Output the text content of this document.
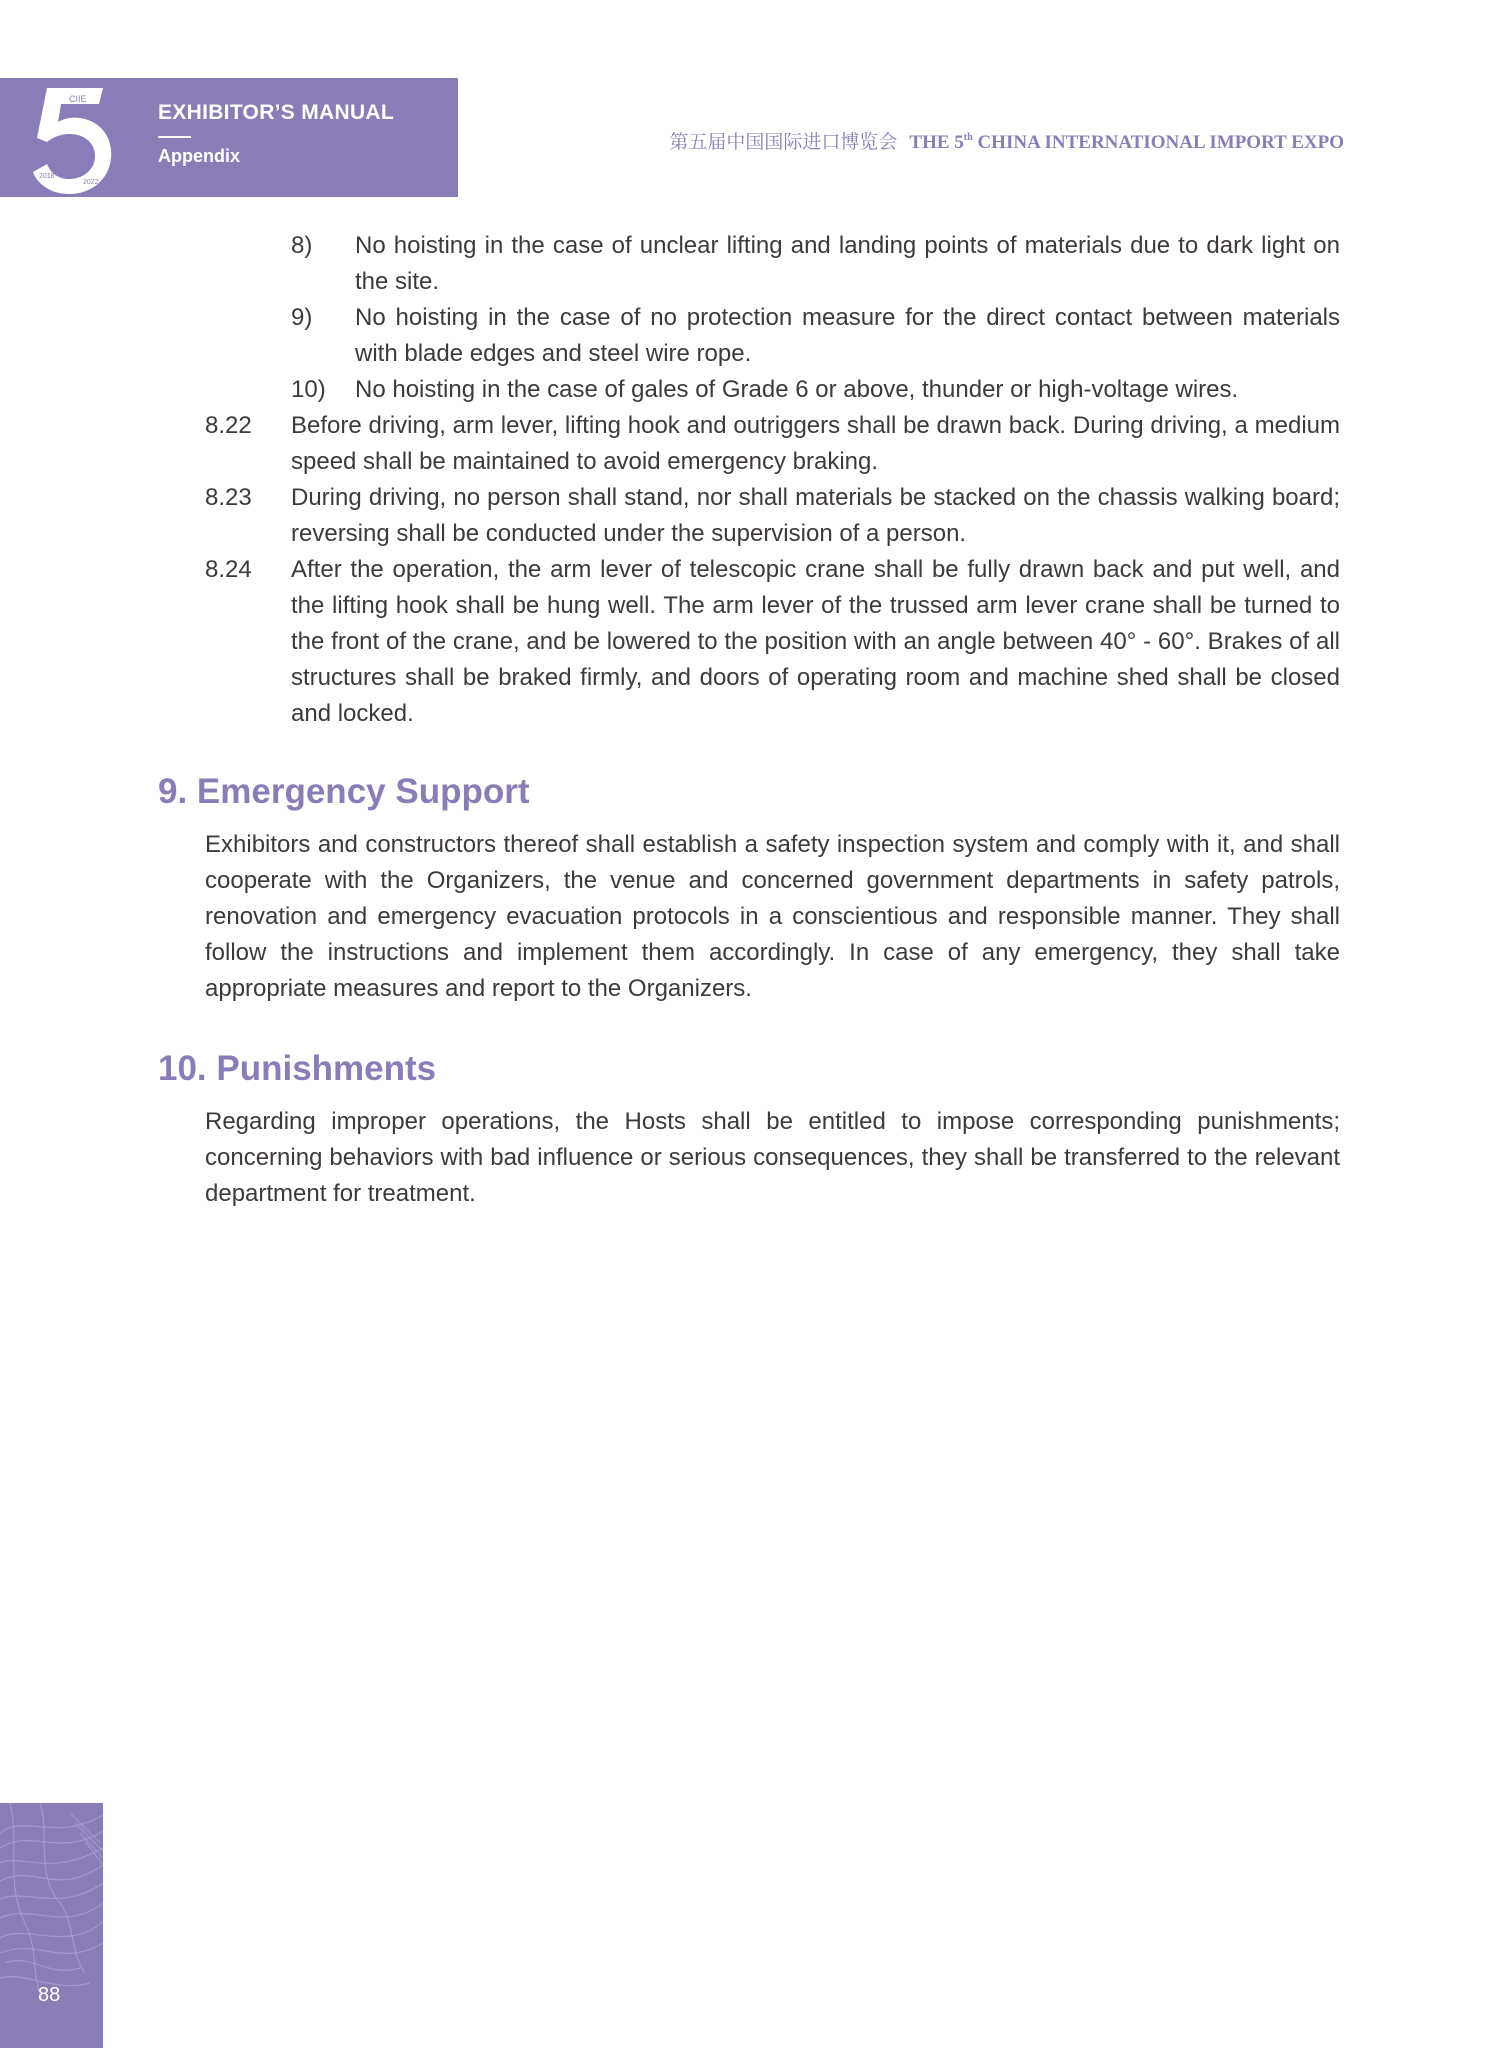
CIIE
2018
2022
EXHIBITOR’S MANUAL
Appendix
第五届中国国际进口博览会 THE 5th CHINA INTERNATIONAL IMPORT EXPO
8) No hoisting in the case of unclear lifting and landing points of materials due to dark light on the site.
9) No hoisting in the case of no protection measure for the direct contact between materials with blade edges and steel wire rope.
10) No hoisting in the case of gales of Grade 6 or above, thunder or high-voltage wires.
8.22 Before driving, arm lever, lifting hook and outriggers shall be drawn back. During driving, a medium speed shall be maintained to avoid emergency braking.
8.23 During driving, no person shall stand, nor shall materials be stacked on the chassis walking board; reversing shall be conducted under the supervision of a person.
8.24 After the operation, the arm lever of telescopic crane shall be fully drawn back and put well, and the lifting hook shall be hung well. The arm lever of the trussed arm lever crane shall be turned to the front of the crane, and be lowered to the position with an angle between 40° - 60°. Brakes of all structures shall be braked firmly, and doors of operating room and machine shed shall be closed and locked.
9. Emergency Support

Exhibitors and constructors thereof shall establish a safety inspection system and comply with it, and shall cooperate with the Organizers, the venue and concerned government departments in safety patrols, renovation and emergency evacuation protocols in a conscientious and responsible manner. They shall follow the instructions and implement them accordingly. In case of any emergency, they shall take appropriate measures and report to the Organizers.

10. Punishments

Regarding improper operations, the Hosts shall be entitled to impose corresponding punishments; concerning behaviors with bad influence or serious consequences, they shall be transferred to the relevant department for treatment.

88
